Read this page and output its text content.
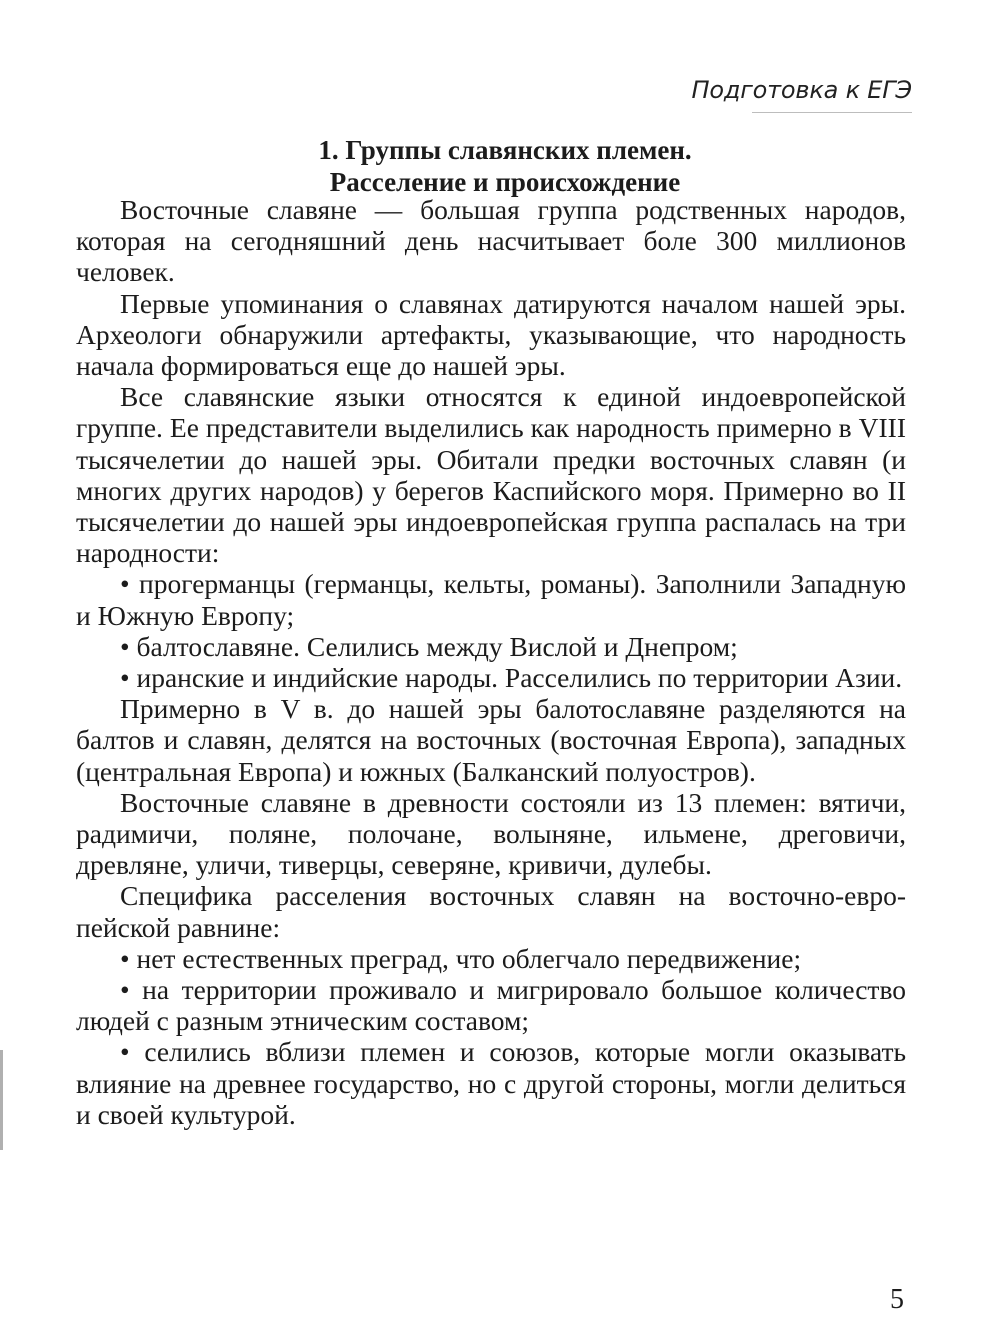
Подготовка к ЕГЭ
1. Группы славянских племен.
Расселение и происхождение

Восточные славяне — большая группа родственных народов, которая на сегодняшний день насчитывает боле 300 миллионов человек.

Первые упоминания о славянах датируются началом нашей эры. Археологи обнаружили артефакты, указывающие, что народность начала формироваться еще до нашей эры.

Все славянские языки относятся к единой индоевропейской группе. Ее представители выделились как народность примерно в VIII тысячелетии до нашей эры. Обитали предки восточных славян (и многих других народов) у берегов Каспийского моря. Примерно во II тысячелетии до нашей эры индоевропейская группа распалась на три народности:

• прогерманцы (германцы, кельты, романы). Заполнили Западную и Южную Европу;

• балтославяне. Селились между Вислой и Днепром;

• иранские и индийские народы. Расселились по территории Азии.

Примерно в V в. до нашей эры балотославяне разделяются на балтов и славян, делятся на восточных (восточная Европа), западных (центральная Европа) и южных (Балканский полуостров).

Восточные славяне в древности состояли из 13 племен: вятичи, радимичи, поляне, полочане, волыняне, ильмене, дреговичи, древляне, уличи, тиверцы, северяне, кривичи, дулебы.

Специфика расселения восточных славян на восточно-европейской равнине:

• нет естественных преград, что облегчало передвижение;

• на территории проживало и мигрировало большое количество людей с разным этническим составом;

• селились вблизи племен и союзов, которые могли оказывать влияние на древнее государство, но с другой стороны, могли делиться и своей культурой.

5
